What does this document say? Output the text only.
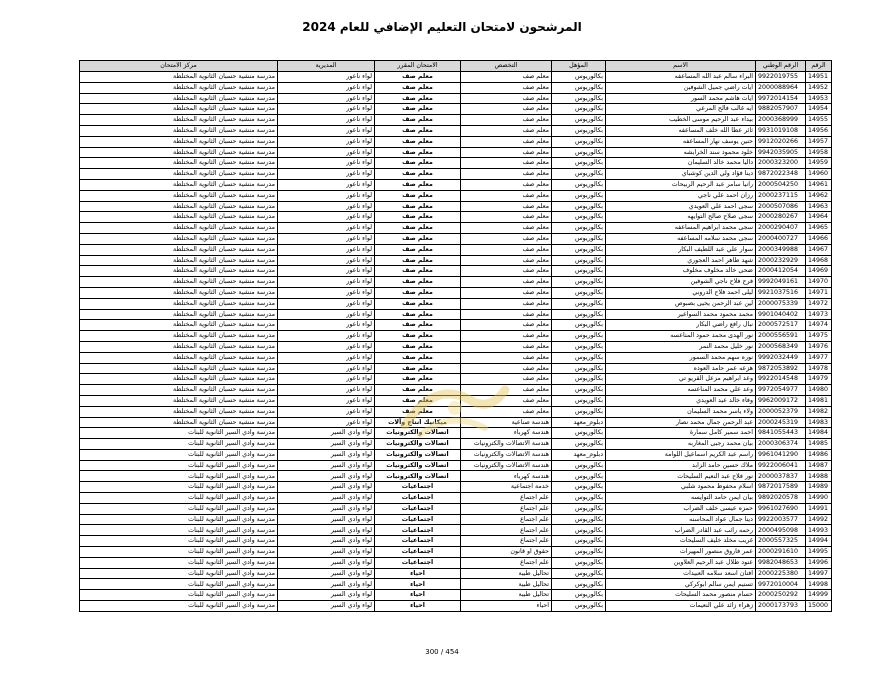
المرشحون لامتحان التعليم الإضافي للعام 2024
الرقم	الرقم الوطني	الاسم	المؤهل	التخصص	الامتحان المقرر	المديرية	مركز الامتحان
14951	9922019755	البراء سالم عبد الله المساعفه	بكالوريوس	معلم صف	معلم صف	لواء ناعور	مدرسة منشية حسبان الثانوية المختلطة
14952	2000088964	ايات راضي جميل الشوفين	بكالوريوس	معلم صف	معلم صف	لواء ناعور	مدرسة منشية حسبان الثانوية المختلطة
14953	9972014154	ايات هاشم محمد السور	بكالوريوس	معلم صف	معلم صف	لواء ناعور	مدرسة منشية حسبان الثانوية المختلطة
14954	9882057907	ايه غالب فالح المرعي	بكالوريوس	معلم صف	معلم صف	لواء ناعور	مدرسة منشية حسبان الثانوية المختلطة
14955	2000368999	بيداء عبد الرحيم موسى الخطيب	بكالوريوس	معلم صف	معلم صف	لواء ناعور	مدرسة منشية حسبان الثانوية المختلطة
14956	9931019108	ثائر عطا الله خلف المساعفه	بكالوريوس	معلم صف	معلم صف	لواء ناعور	مدرسة منشية حسبان الثانوية المختلطة
14957	9912020266	حنين يوسف نهار المساعفه	بكالوريوس	معلم صف	معلم صف	لواء ناعور	مدرسة منشية حسبان الثانوية المختلطة
14958	9942035905	خلود محمود سند الخرابشه	بكالوريوس	معلم صف	معلم صف	لواء ناعور	مدرسة منشية حسبان الثانوية المختلطة
14959	2000323200	داليا محمد خالد السليمان	بكالوريوس	معلم صف	معلم صف	لواء ناعور	مدرسة منشية حسبان الثانوية المختلطة
14960	9872022348	دينا فؤاد ولي الدين كوشباي	بكالوريوس	معلم صف	معلم صف	لواء ناعور	مدرسة منشية حسبان الثانوية المختلطة
14961	2000504250	رانيا سامر عبد الرحيم الربيحات	بكالوريوس	معلم صف	معلم صف	لواء ناعور	مدرسة منشية حسبان الثانوية المختلطة
14962	2000237115	رزان احمد علي ناجي	بكالوريوس	معلم صف	معلم صف	لواء ناعور	مدرسة منشية حسبان الثانوية المختلطة
14963	2000507086	سجى احمد علي العويدي	بكالوريوس	معلم صف	معلم صف	لواء ناعور	مدرسة منشية حسبان الثانوية المختلطة
14964	2000280267	سجى صلاح صالح التوايهه	بكالوريوس	معلم صف	معلم صف	لواء ناعور	مدرسة منشية حسبان الثانوية المختلطة
14965	2000290407	سجى محمد ابراهيم المساعفه	بكالوريوس	معلم صف	معلم صف	لواء ناعور	مدرسة منشية حسبان الثانوية المختلطة
14966	2000400727	سجى محمد سلامه المساعفه	بكالوريوس	معلم صف	معلم صف	لواء ناعور	مدرسة منشية حسبان الثانوية المختلطة
14967	2000349988	سوار علي عبد اللطيف البكار	بكالوريوس	معلم صف	معلم صف	لواء ناعور	مدرسة منشية حسبان الثانوية المختلطة
14968	2000232929	شهد طاهر احمد العجوري	بكالوريوس	معلم صف	معلم صف	لواء ناعور	مدرسة منشية حسبان الثانوية المختلطة
14969	2000412054	ضحى خالد مخلوف مخلوف	بكالوريوس	معلم صف	معلم صف	لواء ناعور	مدرسة منشية حسبان الثانوية المختلطة
14970	9992049161	فرح فلاح ناجي الشوفين	بكالوريوس	معلم صف	معلم صف	لواء ناعور	مدرسة منشية حسبان الثانوية المختلطة
14971	9921037516	ليلى احمد فلاح الدروبي	بكالوريوس	معلم صف	معلم صف	لواء ناعور	مدرسة منشية حسبان الثانوية المختلطة
14972	2000075339	لين عبد الرحمن يحيى بصبوص	بكالوريوس	معلم صف	معلم صف	لواء ناعور	مدرسة منشية حسبان الثانوية المختلطة
14973	9901040402	محمد محمود محمد السواعير	بكالوريوس	معلم صف	معلم صف	لواء ناعور	مدرسة منشية حسبان الثانوية المختلطة
14974	2000572517	نبال رافع راضي البكار	بكالوريوس	معلم صف	معلم صف	لواء ناعور	مدرسة منشية حسبان الثانوية المختلطة
14975	2000556591	نور الهدى محمد حمود المناعسه	بكالوريوس	معلم صف	معلم صف	لواء ناعور	مدرسة منشية حسبان الثانوية المختلطة
14976	2000568349	نور خليل محمد النمر	بكالوريوس	معلم صف	معلم صف	لواء ناعور	مدرسة منشية حسبان الثانوية المختلطة
14977	9992032449	نوره سهم محمد السمور	بكالوريوس	معلم صف	معلم صف	لواء ناعور	مدرسة منشية حسبان الثانوية المختلطة
14978	9872053892	هزعه عمر حامد العوده	بكالوريوس	معلم صف	معلم صف	لواء ناعور	مدرسة منشية حسبان الثانوية المختلطة
14979	9922014548	وعد ابراهيم مزعل القريو تي	بكالوريوس	معلم صف	معلم صف	لواء ناعور	مدرسة منشية حسبان الثانوية المختلطة
14980	9972054977	وعد علي محمد المناعسه	بكالوريوس	معلم صف	معلم صف	لواء ناعور	مدرسة منشية حسبان الثانوية المختلطة
14981	9962009172	وفاء خالد عيد العويدي	بكالوريوس	معلم صف	معلم صف	لواء ناعور	مدرسة منشية حسبان الثانوية المختلطة
14982	2000052379	ولاء ياسر محمد السليمان	بكالوريوس	معلم صف	معلم صف	لواء ناعور	مدرسة منشية حسبان الثانوية المختلطة
14983	2000245319	عبد الرحمن جمال محمد نصار	دبلوم_معهد	هندسة صناعية	ميكانيك انتاج وآلات	لواء ناعور	مدرسة منشية حسبان الثانوية المختلطة
14984	9841055443	احمد سمير كامل سمارة	بكالوريوس	هندسة كهرباء	اتصالات والكترونيات	لواء وادي السير	مدرسة وادي السير الثانوية للبنات
14985	2000306374	بيان محمد رجبى المغاربه	بكالوريوس	هندسة الاتصالات والكترونيات	اتصالات والكترونيات	لواء وادي السير	مدرسة وادي السير الثانوية للبنات
14986	9961041290	راسم عبد الكريم اسماعيل اللوامة	دبلوم_معهد	هندسة الاتصالات والكترونيات	اتصالات والكترونيات	لواء وادي السير	مدرسة وادي السير الثانوية للبنات
14987	9922006041	ملاك حسين حامد الزابد	بكالوريوس	هندسة الاتصالات والكترونيات	اتصالات والكترونيات	لواء وادي السير	مدرسة وادي السير الثانوية للبنات
14988	2000037837	نور فلاح عبد النعيم السليحات	بكالوريوس	هندسة كهرباء	اتصالات والكترونيات	لواء وادي السير	مدرسة وادي السير الثانوية للبنات
14989	9872017589	اسلام محفوظ محمود شلبي	بكالوريوس	خدمة اجتماعية	اجتماعيات	لواء وادي السير	مدرسة وادي السير الثانوية للبنات
14990	9892020578	بيان ايمن حامد التوايسه	بكالوريوس	علم اجتماع	اجتماعيات	لواء وادي السير	مدرسة وادي السير الثانوية للبنات
14991	9961027690	حمزه عيسى خلف الضراب	بكالوريوس	علم اجتماع	اجتماعيات	لواء وادي السير	مدرسة وادي السير الثانوية للبنات
14992	9922003577	دينا جمال عواد المحاسنه	بكالوريوس	علم اجتماع	اجتماعيات	لواء وادي السير	مدرسة وادي السير الثانوية للبنات
14993	2000495098	رحمه رائب عبد القادر الضراب	بكالوريوس	علم اجتماع	اجتماعيات	لواء وادي السير	مدرسة وادي السير الثانوية للبنات
14994	2000557325	غريب مخلد خليف السليحات	بكالوريوس	علم اجتماع	اجتماعيات	لواء وادي السير	مدرسة وادي السير الثانوية للبنات
14995	2000291610	عمر فاروق منصور المهيرات	بكالوريوس	حقوق او قانون	اجتماعيات	لواء وادي السير	مدرسة وادي السير الثانوية للبنات
14996	9982048653	عنود طلال عبد الرحيم العلاوين	بكالوريوس	علم اجتماع	اجتماعيات	لواء وادي السير	مدرسة وادي السير الثانوية للبنات
14997	2000225380	افنان اسعد سلامه العبيدات	بكالوريوس	تحاليل طبية	احياء	لواء وادي السير	مدرسة وادي السير الثانوية للبنات
14998	9972010004	تسنيم ايمن سالم ابوكركي	بكالوريوس	تحاليل طبية	احياء	لواء وادي السير	مدرسة وادي السير الثانوية للبنات
14999	2000250292	حسام منصور محمد السليحات	بكالوريوس	تحاليل طبية	احياء	لواء وادي السير	مدرسة وادي السير الثانوية للبنات
15000	2000173793	زهراء زائد علي النعيمات	بكالوريوس	احياء	احياء	لواء وادي السير	مدرسة وادي السير الثانوية للبنات
300 / 454
